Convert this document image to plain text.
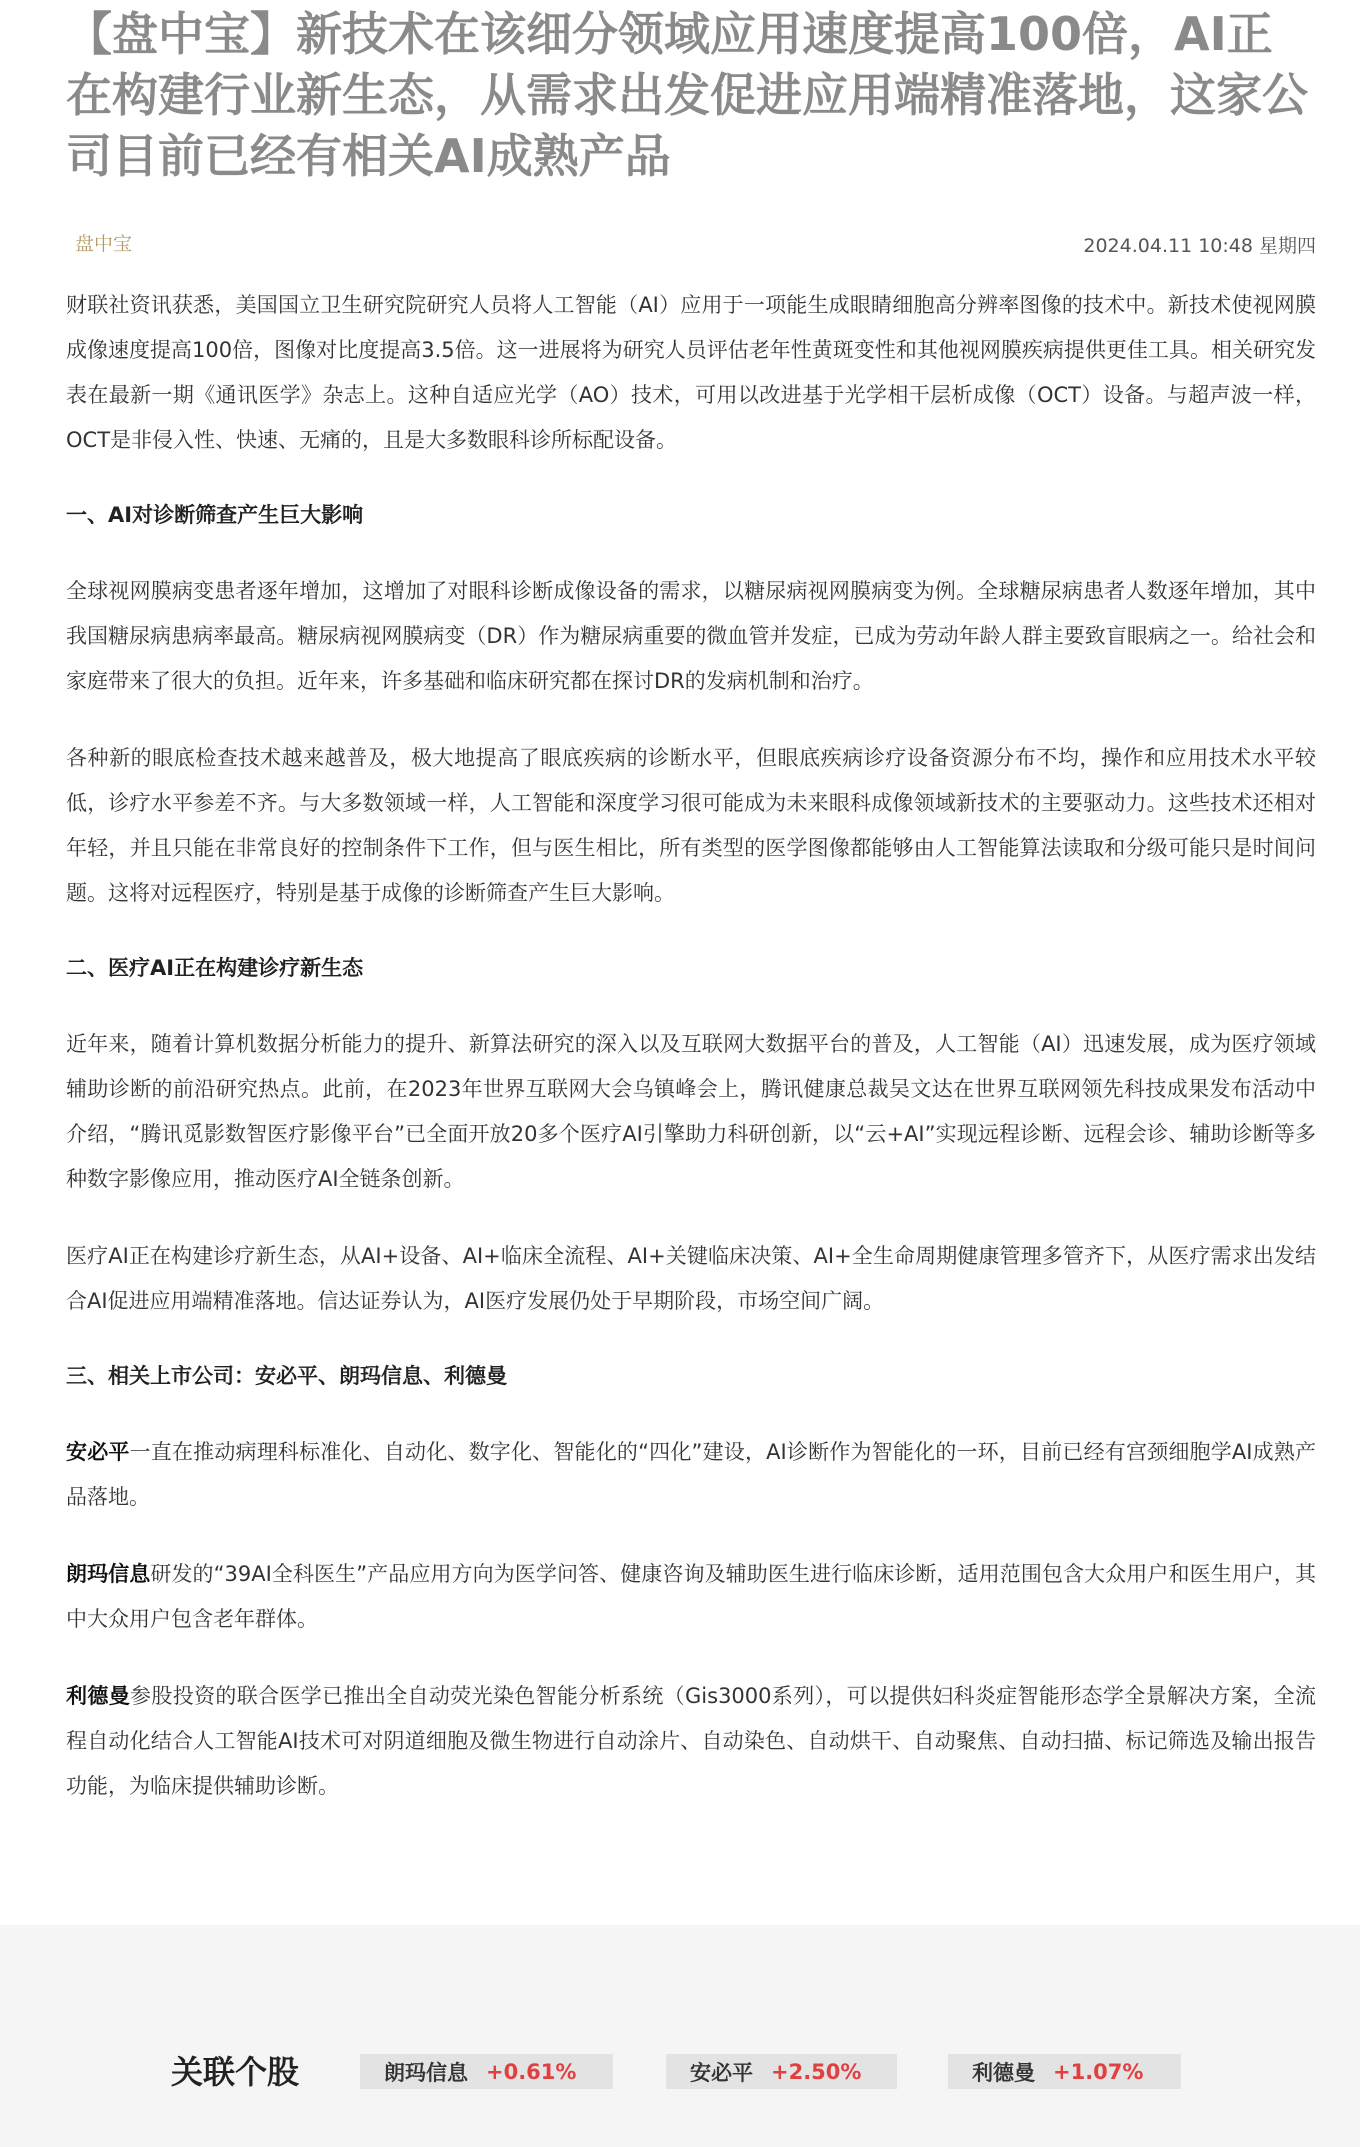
【盘中宝】新技术在该细分领域应用速度提高100倍，AI正在构建行业新生态，从需求出发促进应用端精准落地，这家公司目前已经有相关AI成熟产品
盘中宝	2024.04.11 10:48 星期四

财联社资讯获悉，美国国立卫生研究院研究人员将人工智能（AI）应用于一项能生成眼睛细胞高分辨率图像的技术中。新技术使视网膜成像速度提高100倍，图像对比度提高3.5倍。这一进展将为研究人员评估老年性黄斑变性和其他视网膜疾病提供更佳工具。相关研究发表在最新一期《通讯医学》杂志上。这种自适应光学（AO）技术，可用以改进基于光学相干层析成像（OCT）设备。与超声波一样，OCT是非侵入性、快速、无痛的，且是大多数眼科诊所标配设备。

一、AI对诊断筛查产生巨大影响

全球视网膜病变患者逐年增加，这增加了对眼科诊断成像设备的需求，以糖尿病视网膜病变为例。全球糖尿病患者人数逐年增加，其中我国糖尿病患病率最高。糖尿病视网膜病变（DR）作为糖尿病重要的微血管并发症，已成为劳动年龄人群主要致盲眼病之一。给社会和家庭带来了很大的负担。近年来，许多基础和临床研究都在探讨DR的发病机制和治疗。

各种新的眼底检查技术越来越普及，极大地提高了眼底疾病的诊断水平，但眼底疾病诊疗设备资源分布不均，操作和应用技术水平较低，诊疗水平参差不齐。与大多数领域一样，人工智能和深度学习很可能成为未来眼科成像领域新技术的主要驱动力。这些技术还相对年轻，并且只能在非常良好的控制条件下工作，但与医生相比，所有类型的医学图像都能够由人工智能算法读取和分级可能只是时间问题。这将对远程医疗，特别是基于成像的诊断筛查产生巨大影响。

二、医疗AI正在构建诊疗新生态

近年来，随着计算机数据分析能力的提升、新算法研究的深入以及互联网大数据平台的普及，人工智能（AI）迅速发展，成为医疗领域辅助诊断的前沿研究热点。此前，在2023年世界互联网大会乌镇峰会上，腾讯健康总裁吴文达在世界互联网领先科技成果发布活动中介绍，“腾讯觅影数智医疗影像平台”已全面开放20多个医疗AI引擎助力科研创新，以“云+AI”实现远程诊断、远程会诊、辅助诊断等多种数字影像应用，推动医疗AI全链条创新。

医疗AI正在构建诊疗新生态，从AI+设备、AI+临床全流程、AI+关键临床决策、AI+全生命周期健康管理多管齐下，从医疗需求出发结合AI促进应用端精准落地。信达证券认为，AI医疗发展仍处于早期阶段，市场空间广阔。

三、相关上市公司：安必平、朗玛信息、利德曼

安必平一直在推动病理科标准化、自动化、数字化、智能化的“四化”建设，AI诊断作为智能化的一环，目前已经有宫颈细胞学AI成熟产品落地。

朗玛信息研发的“39AI全科医生”产品应用方向为医学问答、健康咨询及辅助医生进行临床诊断，适用范围包含大众用户和医生用户，其中大众用户包含老年群体。

利德曼参股投资的联合医学已推出全自动荧光染色智能分析系统（Gis3000系列），可以提供妇科炎症智能形态学全景解决方案，全流程自动化结合人工智能AI技术可对阴道细胞及微生物进行自动涂片、自动染色、自动烘干、自动聚焦、自动扫描、标记筛选及输出报告功能，为临床提供辅助诊断。

关联个股	朗玛信息 +0.61%	安必平 +2.50%	利德曼 +1.07%
